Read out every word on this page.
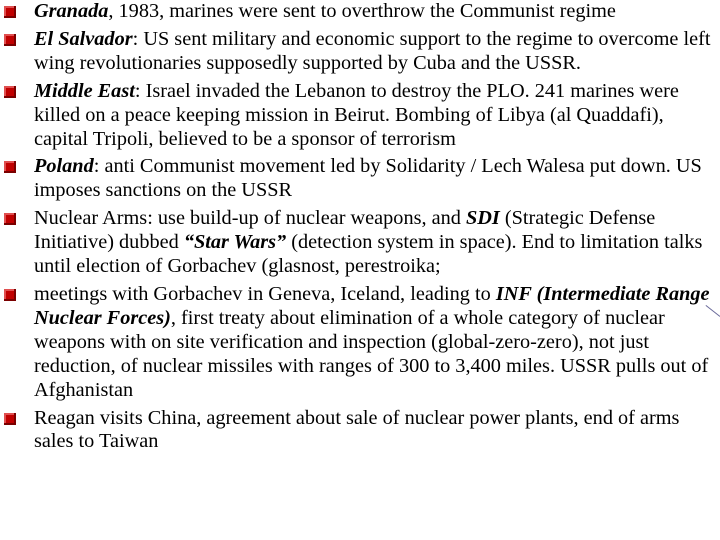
Granada, 1983, marines were sent to overthrow the Communist regime
El Salvador: US sent military and economic support to the regime to overcome left wing revolutionaries supposedly supported by Cuba and the USSR.
Middle East: Israel invaded the Lebanon to destroy the PLO. 241 marines were killed on a peace keeping mission in Beirut. Bombing of Libya (al Quaddafi), capital Tripoli, believed to be a sponsor of terrorism
Poland: anti Communist movement led by Solidarity / Lech Walesa put down. US imposes sanctions on the USSR
Nuclear Arms: use build-up of nuclear weapons, and SDI (Strategic Defense Initiative) dubbed “Star Wars” (detection system in space). End to limitation talks until election of Gorbachev (glasnost, perestroika;
meetings with Gorbachev in Geneva, Iceland, leading to INF (Intermediate Range Nuclear Forces), first treaty about elimination of a whole category of nuclear weapons with on site verification and inspection (global-zero-zero), not just reduction, of nuclear missiles with ranges of 300 to 3,400 miles. USSR pulls out of Afghanistan
Reagan visits China, agreement about sale of nuclear power plants, end of arms sales to Taiwan
